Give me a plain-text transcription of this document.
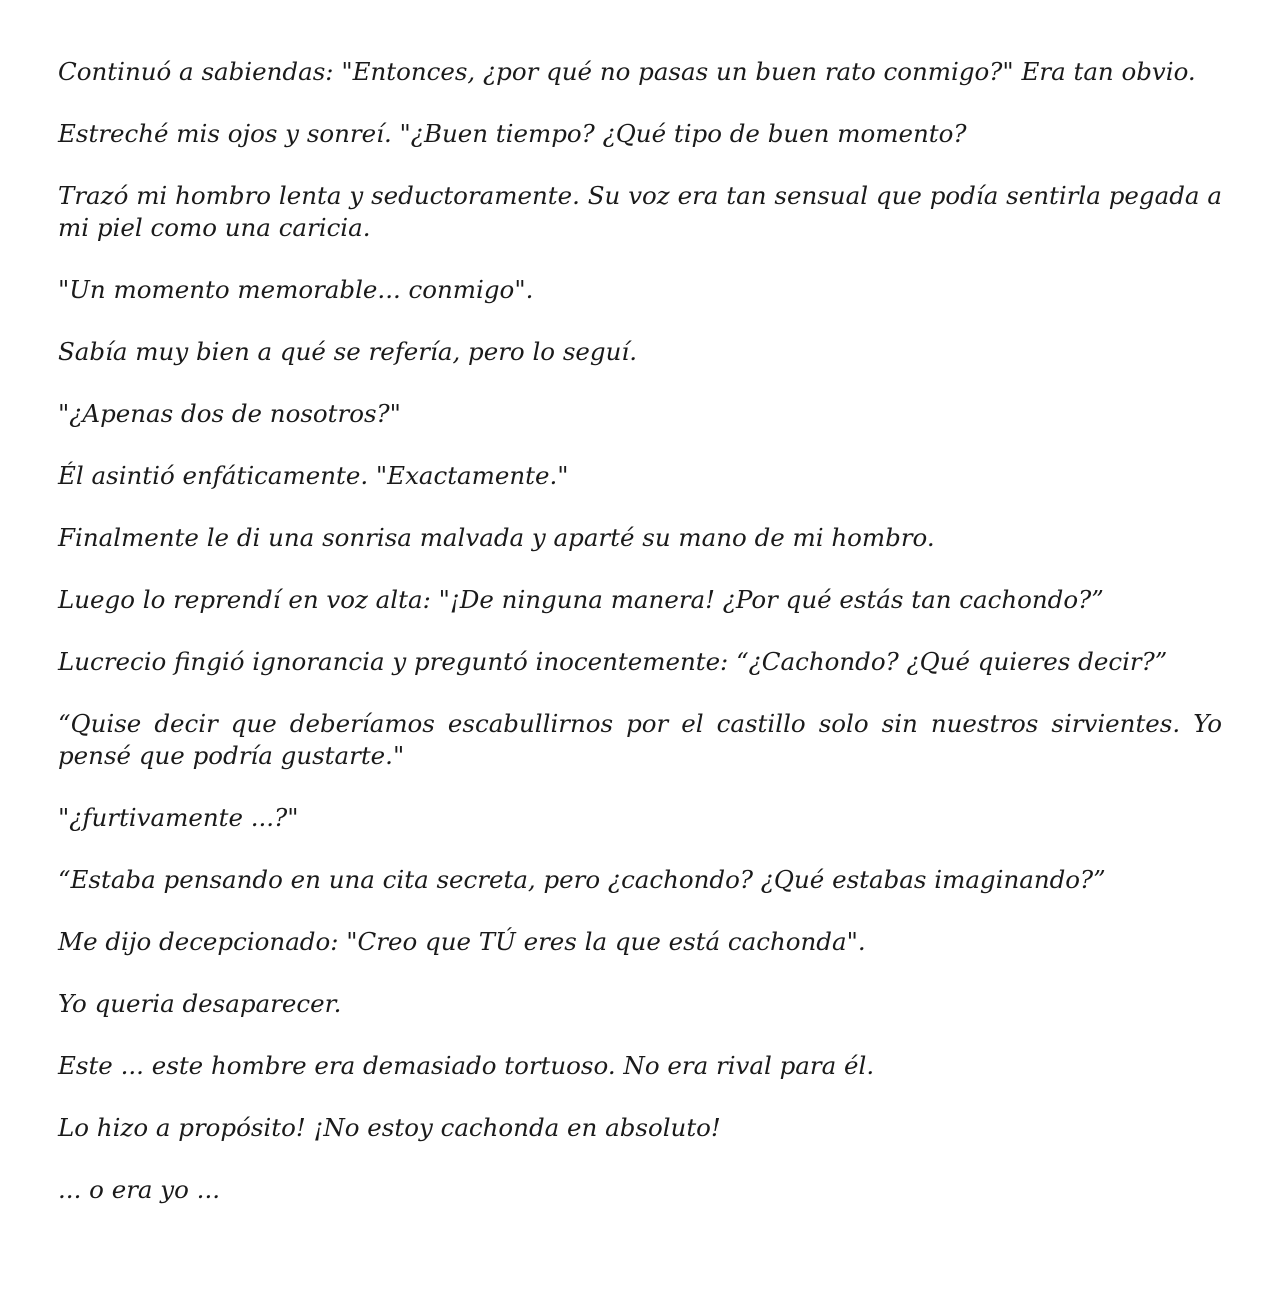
Continuó a sabiendas: "Entonces, ¿por qué no pasas un buen rato conmigo?" Era tan obvio.

Estreché mis ojos y sonreí. "¿Buen tiempo? ¿Qué tipo de buen momento?

Trazó mi hombro lenta y seductoramente. Su voz era tan sensual que podía sentirla pegada a mi piel como una caricia.

"Un momento memorable... conmigo".

Sabía muy bien a qué se refería, pero lo seguí.

"¿Apenas dos de nosotros?"

Él asintió enfáticamente. "Exactamente."

Finalmente le di una sonrisa malvada y aparté su mano de mi hombro.

Luego lo reprendí en voz alta: "¡De ninguna manera! ¿Por qué estás tan cachondo?”

Lucrecio fingió ignorancia y preguntó inocentemente: “¿Cachondo? ¿Qué quieres decir?”

“Quise decir que deberíamos escabullirnos por el castillo solo sin nuestros sirvientes. Yo pensé que podría gustarte."

"¿furtivamente ...?"

“Estaba pensando en una cita secreta, pero ¿cachondo? ¿Qué estabas imaginando?”

Me dijo decepcionado: "Creo que TÚ eres la que está cachonda".

Yo queria desaparecer.

Este ... este hombre era demasiado tortuoso. No era rival para él.

Lo hizo a propósito! ¡No estoy cachonda en absoluto!

... o era yo ...
